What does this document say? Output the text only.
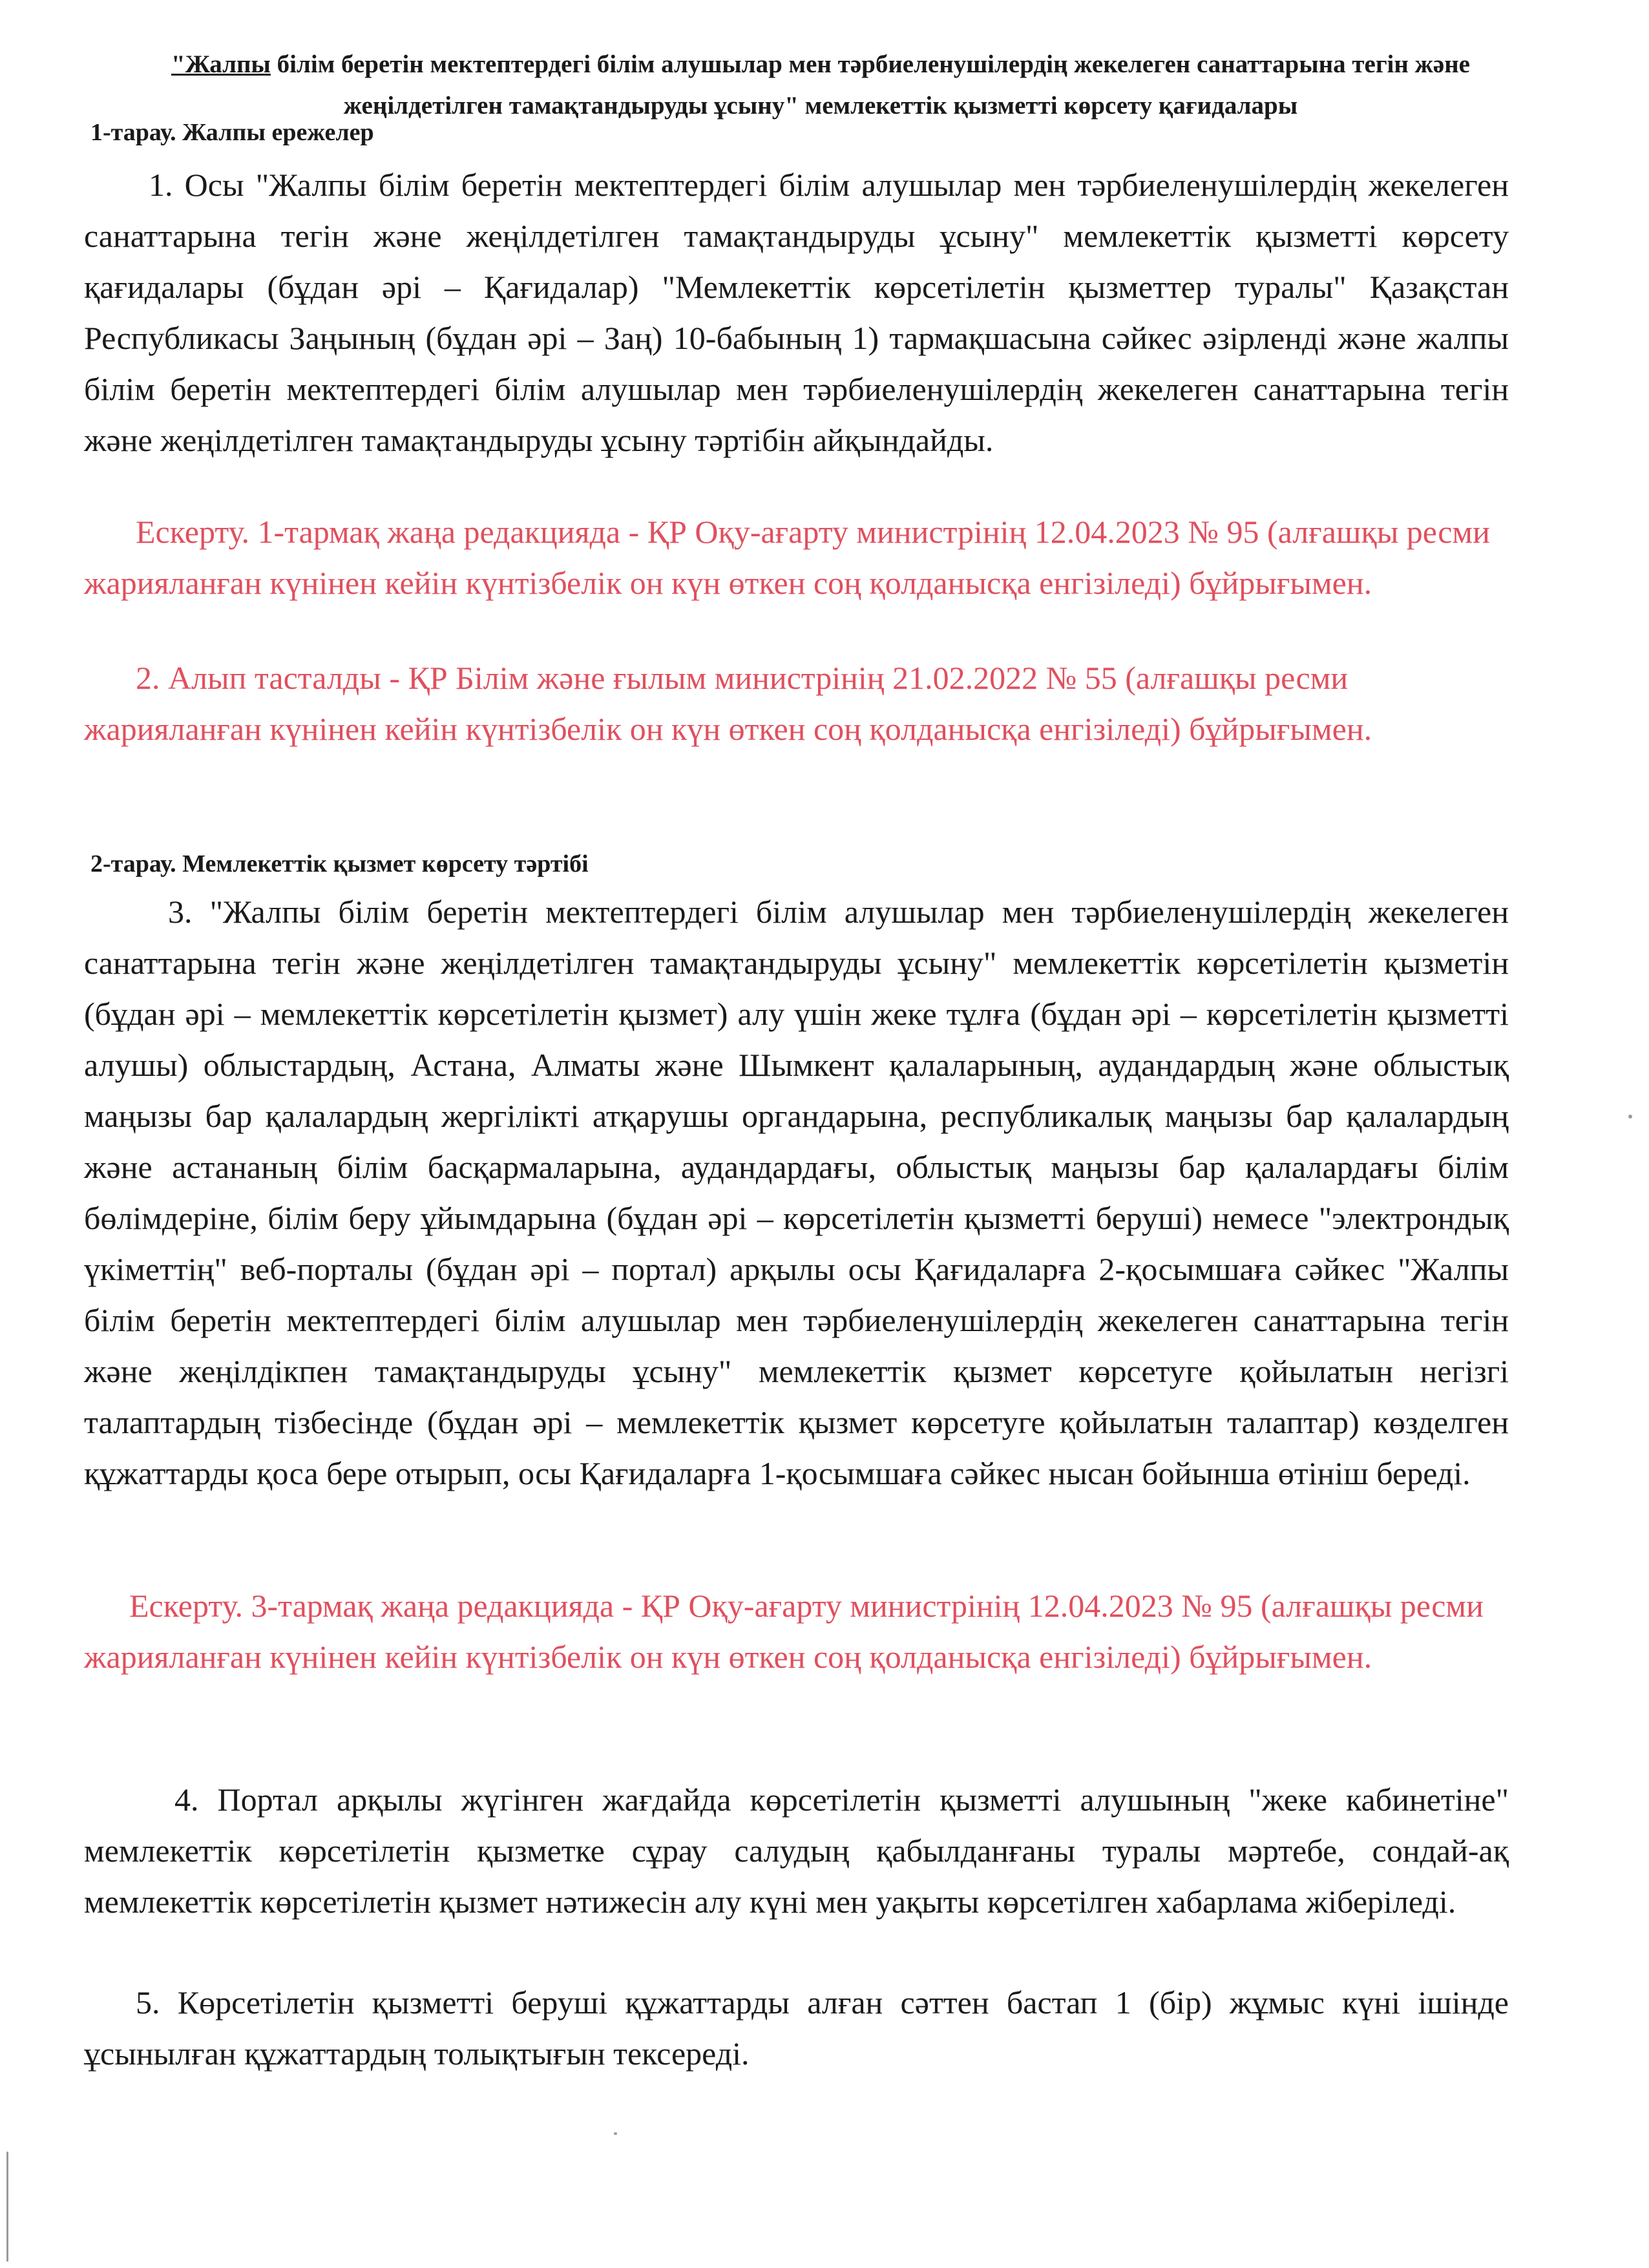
"Жалпы білім беретін мектептердегі білім алушылар мен тәрбиеленушілердің жекелеген санаттарына тегін және жеңілдетілген тамақтандыруды ұсыну" мемлекеттік қызметті көрсету қағидалары
1-тарау. Жалпы ережелер
1. Осы "Жалпы білім беретін мектептердегі білім алушылар мен тәрбиеленушілердің жекелеген санаттарына тегін және жеңілдетілген тамақтандыруды ұсыну" мемлекеттік қызметті көрсету қағидалары (бұдан әрі – Қағидалар) "Мемлекеттік көрсетілетін қызметтер туралы" Қазақстан Республикасы Заңының (бұдан әрі – Заң) 10-бабының 1) тармақшасына сәйкес әзірленді және жалпы білім беретін мектептердегі білім алушылар мен тәрбиеленушілердің жекелеген санаттарына тегін және жеңілдетілген тамақтандыруды ұсыну тәртібін айқындайды.
Ескерту. 1-тармақ жаңа редакцияда - ҚР Оқу-ағарту министрінің 12.04.2023 № 95 (алғашқы ресми жарияланған күнінен кейін күнтізбелік он күн өткен соң қолданысқа енгізіледі) бұйрығымен.
2. Алып тасталды - ҚР Білім және ғылым министрінің 21.02.2022 № 55 (алғашқы ресми жарияланған күнінен кейін күнтізбелік он күн өткен соң қолданысқа енгізіледі) бұйрығымен.
2-тарау. Мемлекеттік қызмет көрсету тәртібі
3. "Жалпы білім беретін мектептердегі білім алушылар мен тәрбиеленушілердің жекелеген санаттарына тегін және жеңілдетілген тамақтандыруды ұсыну" мемлекеттік көрсетілетін қызметін (бұдан әрі – мемлекеттік көрсетілетін қызмет) алу үшін жеке тұлға (бұдан әрі – көрсетілетін қызметті алушы) облыстардың, Астана, Алматы және Шымкент қалаларының, аудандардың және облыстық маңызы бар қалалардың жергілікті атқарушы органдарына, республикалық маңызы бар қалалардың және астананың білім басқармаларына, аудандардағы, облыстық маңызы бар қалалардағы білім бөлімдеріне, білім беру ұйымдарына (бұдан әрі – көрсетілетін қызметті беруші) немесе "электрондық үкіметтің" веб-порталы (бұдан әрі – портал) арқылы осы Қағидаларға 2-қосымшаға сәйкес "Жалпы білім беретін мектептердегі білім алушылар мен тәрбиеленушілердің жекелеген санаттарына тегін және жеңілдікпен тамақтандыруды ұсыну" мемлекеттік қызмет көрсетуге қойылатын негізгі талаптардың тізбесінде (бұдан әрі – мемлекеттік қызмет көрсетуге қойылатын талаптар) көзделген құжаттарды қоса бере отырып, осы Қағидаларға 1-қосымшаға сәйкес нысан бойынша өтініш береді.
Ескерту. 3-тармақ жаңа редакцияда - ҚР Оқу-ағарту министрінің 12.04.2023 № 95 (алғашқы ресми жарияланған күнінен кейін күнтізбелік он күн өткен соң қолданысқа енгізіледі) бұйрығымен.
4. Портал арқылы жүгінген жағдайда көрсетілетін қызметті алушының "жеке кабинетіне" мемлекеттік көрсетілетін қызметке сұрау салудың қабылданғаны туралы мәртебе, сондай-ақ мемлекеттік көрсетілетін қызмет нәтижесін алу күні мен уақыты көрсетілген хабарлама жіберіледі.
5. Көрсетілетін қызметті беруші құжаттарды алған сәттен бастап 1 (бір) жұмыс күні ішінде ұсынылған құжаттардың толықтығын тексереді.
